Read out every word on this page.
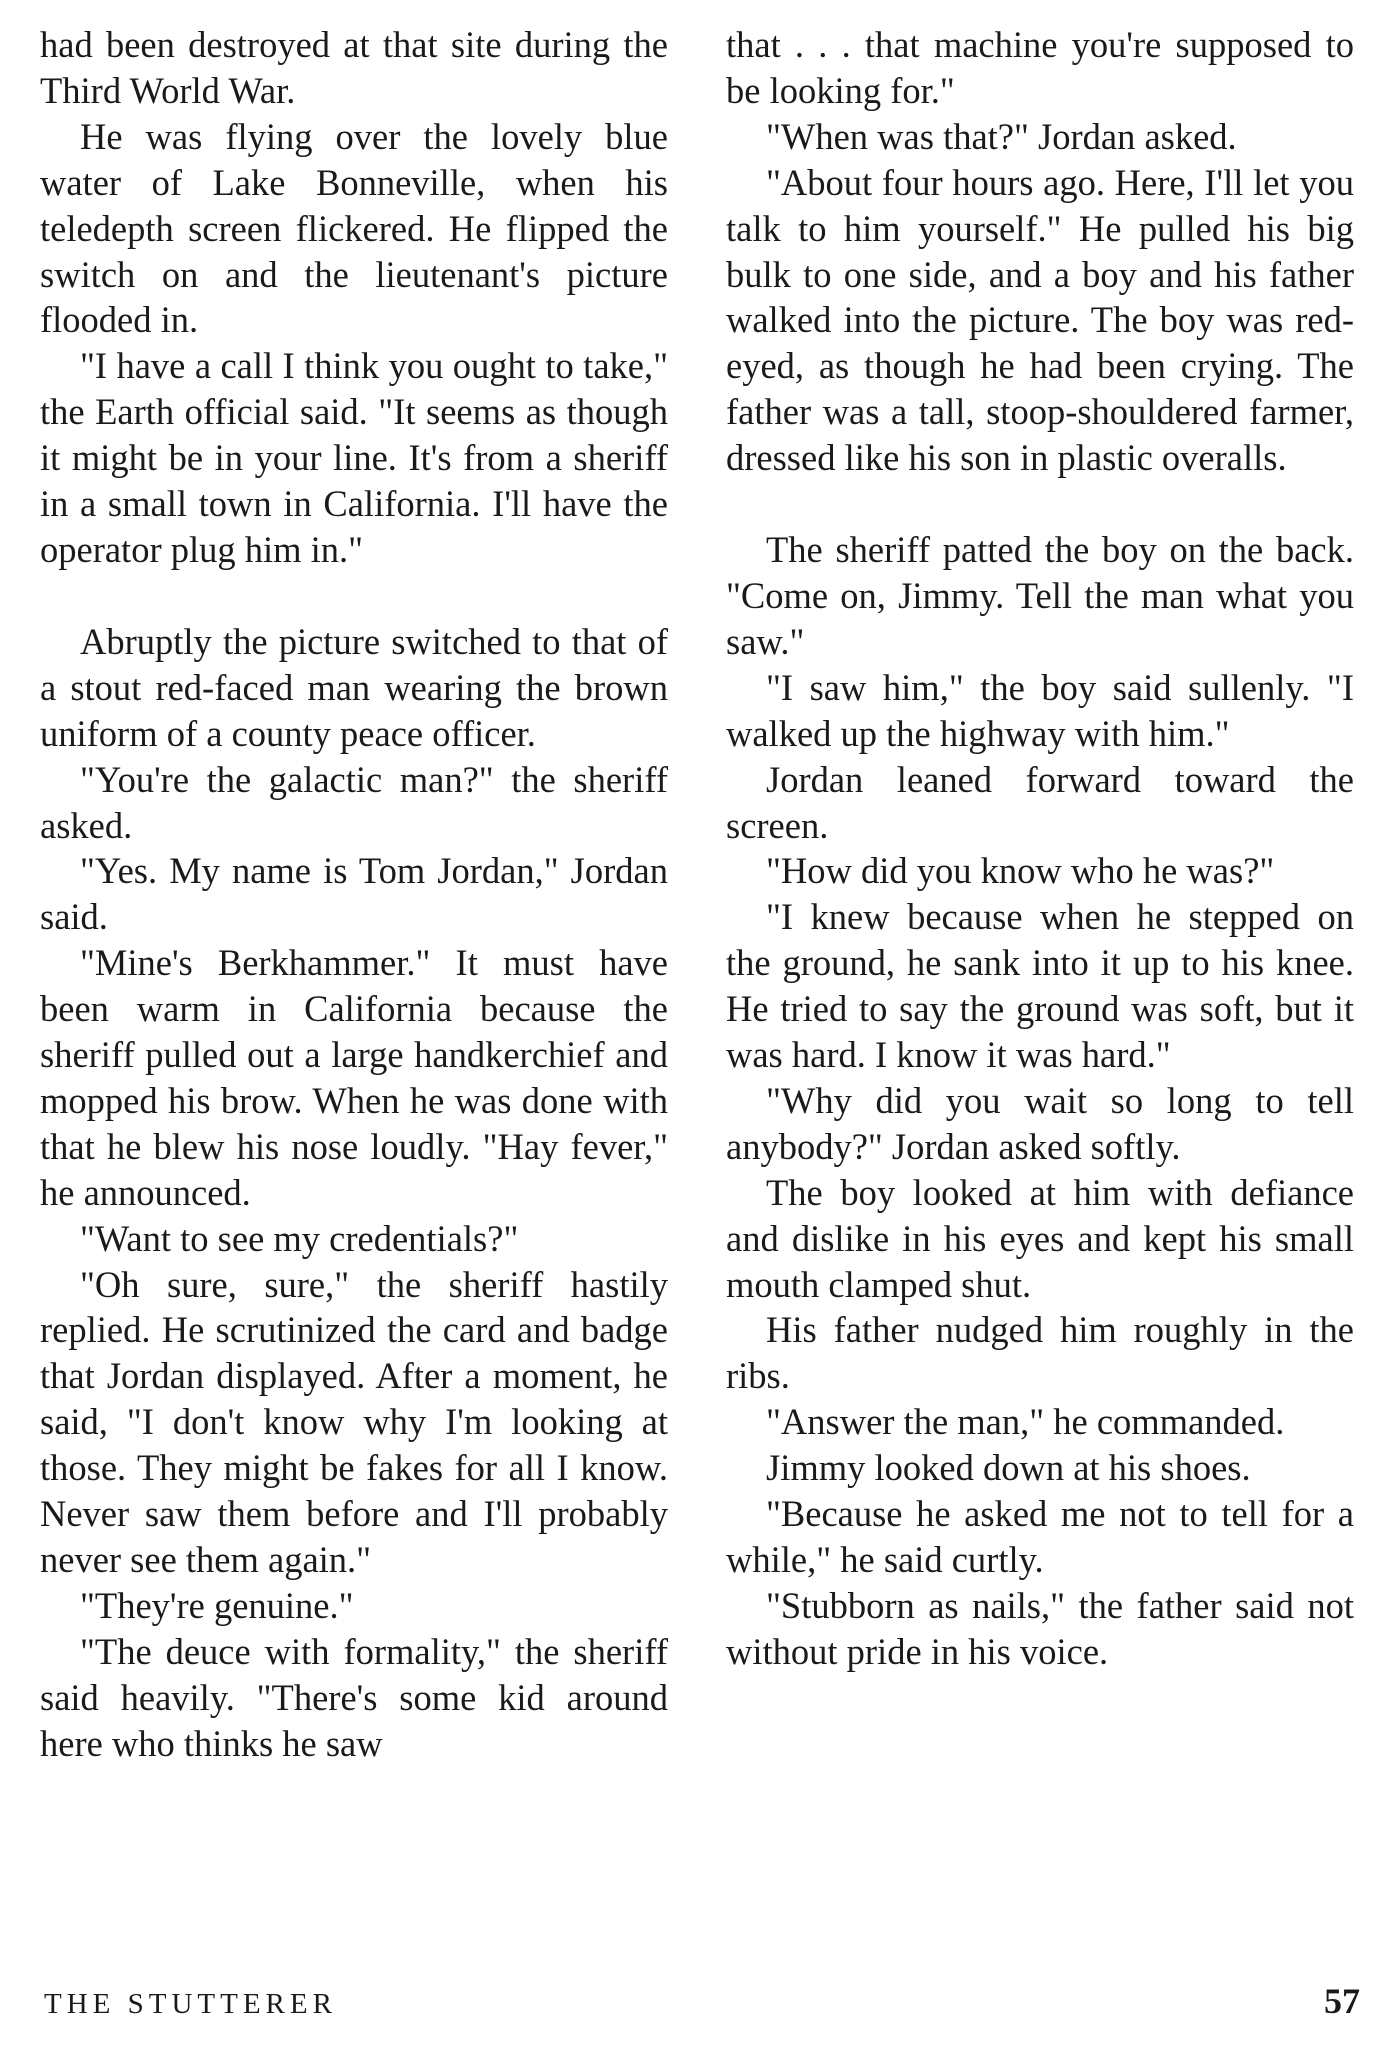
had been destroyed at that site during the Third World War.

He was flying over the lovely blue water of Lake Bonneville, when his teledepth screen flickered. He flipped the switch on and the lieutenant's picture flooded in.

"I have a call I think you ought to take," the Earth official said. "It seems as though it might be in your line. It's from a sheriff in a small town in California. I'll have the operator plug him in."

Abruptly the picture switched to that of a stout red-faced man wearing the brown uniform of a county peace officer.

"You're the galactic man?" the sheriff asked.

"Yes. My name is Tom Jordan," Jordan said.

"Mine's Berkhammer." It must have been warm in California because the sheriff pulled out a large handkerchief and mopped his brow. When he was done with that he blew his nose loudly. "Hay fever," he announced.

"Want to see my credentials?"

"Oh sure, sure," the sheriff hastily replied. He scrutinized the card and badge that Jordan displayed. After a moment, he said, "I don't know why I'm looking at those. They might be fakes for all I know. Never saw them before and I'll probably never see them again."

"They're genuine."

"The deuce with formality," the sheriff said heavily. "There's some kid around here who thinks he saw

that . . . that machine you're supposed to be looking for."

"When was that?" Jordan asked.

"About four hours ago. Here, I'll let you talk to him yourself." He pulled his big bulk to one side, and a boy and his father walked into the picture. The boy was red-eyed, as though he had been crying. The father was a tall, stoop-shouldered farmer, dressed like his son in plastic overalls.

The sheriff patted the boy on the back. "Come on, Jimmy. Tell the man what you saw."

"I saw him," the boy said sullenly. "I walked up the highway with him."

Jordan leaned forward toward the screen.

"How did you know who he was?"

"I knew because when he stepped on the ground, he sank into it up to his knee. He tried to say the ground was soft, but it was hard. I know it was hard."

"Why did you wait so long to tell anybody?" Jordan asked softly.

The boy looked at him with defiance and dislike in his eyes and kept his small mouth clamped shut.

His father nudged him roughly in the ribs.

"Answer the man," he commanded.

Jimmy looked down at his shoes.

"Because he asked me not to tell for a while," he said curtly.

"Stubborn as nails," the father said not without pride in his voice.

THE STUTTERER	57
